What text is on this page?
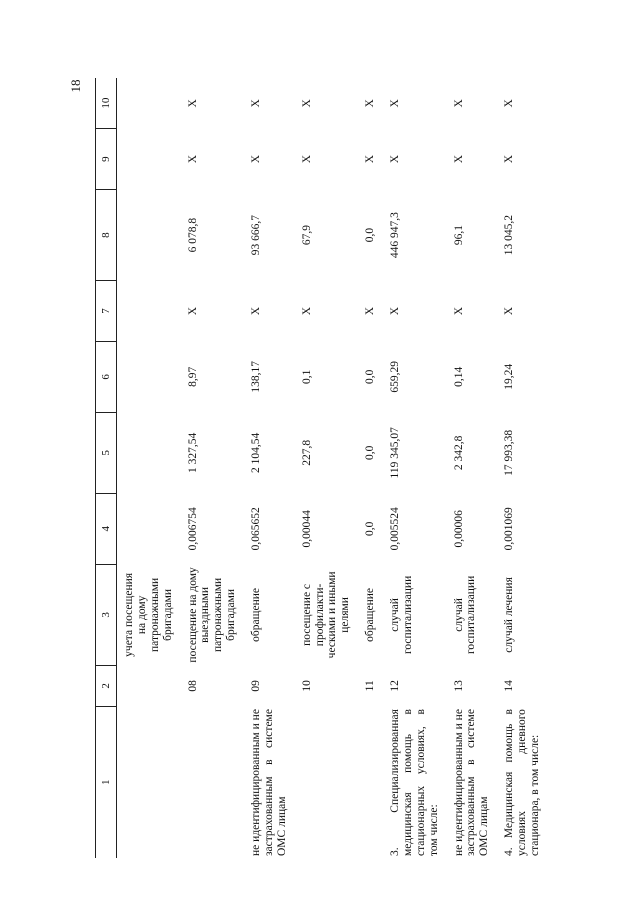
18
1	2	3	4	5	6	7	8	9	10
		учета посещения на дому патронажными бригадами							
	08	посещение на дому выездными патронажными бригадами	0,006754	1 327,54	8,97	X	6 078,8	X	X
не идентифицированным и не застрахованным в системе ОМС лицам	09	обращение	0,065652	2 104,54	138,17	X	93 666,7	X	X
	10	посещение с профилакти-ческими и иными целями	0,00044	227,8	0,1	X	67,9	X	X
	11	обращение	0,0	0,0	0,0	X	0,0	X	X
3. Специализированная медицинская помощь в стационарных условиях, в том числе:	12	случай госпитализации	0,005524	119 345,07	659,29	X	446 947,3	X	X
не идентифицированным и не застрахованным в системе ОМС лицам	13	случай госпитализации	0,00006	2 342,8	0,14	X	96,1	X	X
4. Медицинская помощь в условиях дневного стационара, в том числе:	14	случай лечения	0,001069	17 993,38	19,24	X	13 045,2	X	X
